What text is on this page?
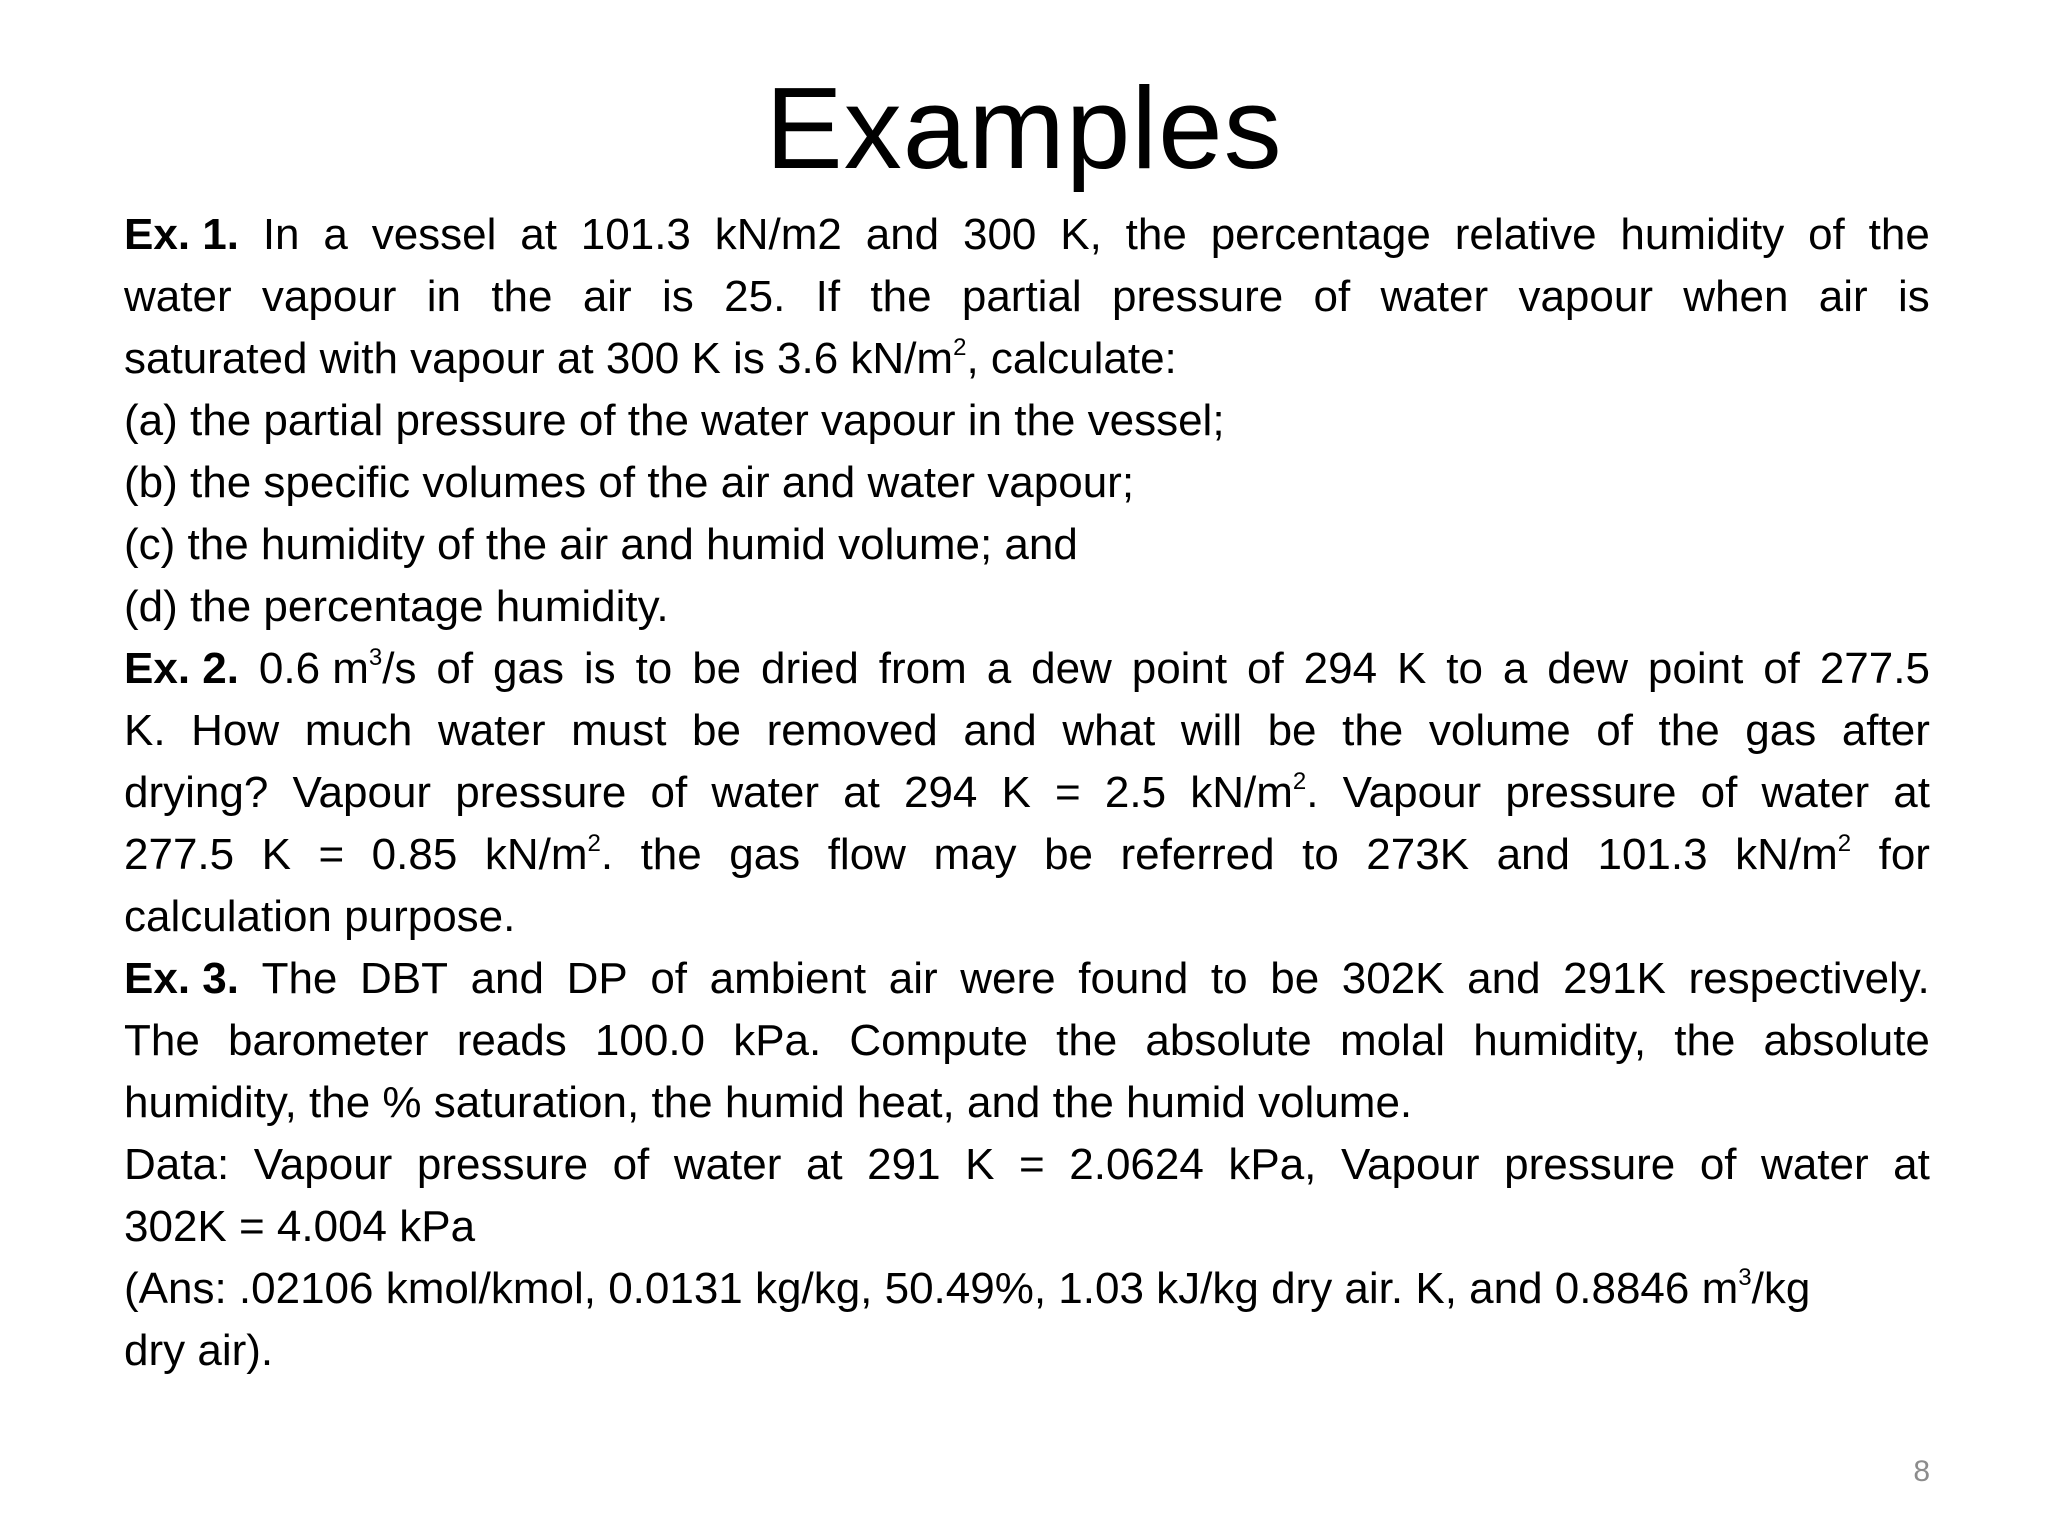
Examples
Ex. 1. In a vessel at 101.3 kN/m2 and 300 K, the percentage relative humidity of the
water vapour in the air is 25. If the partial pressure of water vapour when air is
saturated with vapour at 300 K is 3.6 $kN/m^2$, calculate:
(a) the partial pressure of the water vapour in the vessel;
(b) the specific volumes of the air and water vapour;
(c) the humidity of the air and humid volume; and
(d) the percentage humidity.
Ex. 2. 0.6 $m^3/s$ of gas is to be dried from a dew point of 294 K to a dew point of 277.5
K. How much water must be removed and what will be the volume of the gas after
drying? Vapour pressure of water at 294 K = 2.5 $kN/m^2$. Vapour pressure of water at
277.5 K = 0.85 $kN/m^2$. the gas flow may be referred to 273K and 101.3 $kN/m^2$ for
calculation purpose.
Ex. 3. The DBT and DP of ambient air were found to be 302K and 291K respectively.
The barometer reads 100.0 kPa. Compute the absolute molal humidity, the absolute
humidity, the % saturation, the humid heat, and the humid volume.
Data: Vapour pressure of water at 291 K = 2.0624 kPa, Vapour pressure of water at
302K = 4.004 kPa
(Ans: .02106 kmol/kmol, 0.0131 kg/kg, 50.49%, 1.03 kJ/kg dry air. K, and 0.8846 $m^3/kg$
dry air).
8
